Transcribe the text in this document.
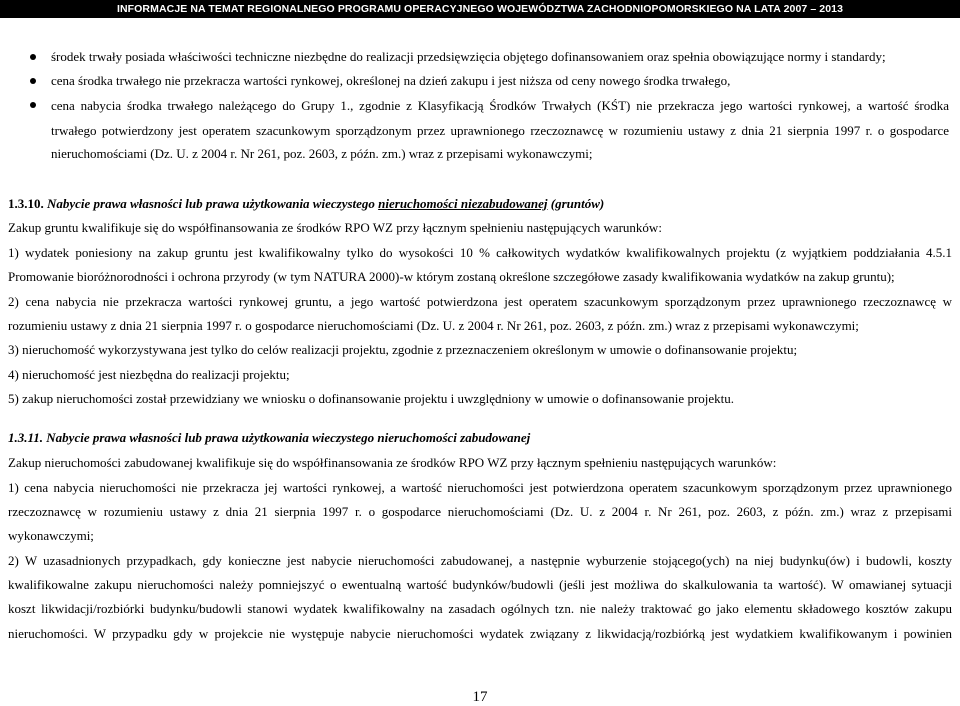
INFORMACJE NA TEMAT REGIONALNEGO PROGRAMU OPERACYJNEGO WOJEWÓDZTWA ZACHODNIOPOMORSKIEGO NA LATA 2007 – 2013
środek trwały posiada właściwości techniczne niezbędne do realizacji przedsięwzięcia objętego dofinansowaniem oraz spełnia obowiązujące normy i standardy;
cena środka trwałego nie przekracza wartości rynkowej, określonej na dzień zakupu i jest niższa od ceny nowego środka trwałego,
cena nabycia środka trwałego należącego do Grupy 1., zgodnie z Klasyfikacją Środków Trwałych (KŚT) nie przekracza jego wartości rynkowej, a wartość środka
trwałego potwierdzony jest operatem szacunkowym sporządzonym przez uprawnionego rzeczoznawcę w rozumieniu ustawy z dnia 21 sierpnia 1997 r. o gospodarce
nieruchomościami (Dz. U. z 2004 r. Nr 261, poz. 2603, z późn. zm.) wraz z przepisami wykonawczymi;
1.3.10. Nabycie prawa własności lub prawa użytkowania wieczystego nieruchomości niezabudowanej (gruntów)
Zakup gruntu kwalifikuje się do współfinansowania ze środków RPO WZ przy łącznym spełnieniu następujących warunków:
1) wydatek poniesiony na zakup gruntu jest kwalifikowalny tylko do wysokości 10 % całkowitych wydatków kwalifikowalnych projektu (z wyjątkiem poddziałania 4.5.1
Promowanie bioróżnorodności i ochrona przyrody (w tym NATURA 2000)-w którym zostaną określone szczegółowe zasady kwalifikowania wydatków na zakup gruntu);
2) cena nabycia nie przekracza wartości rynkowej gruntu, a jego wartość potwierdzona jest operatem szacunkowym sporządzonym przez uprawnionego rzeczoznawcę w
rozumieniu ustawy z dnia 21 sierpnia 1997 r. o gospodarce nieruchomościami (Dz. U. z 2004 r. Nr 261, poz. 2603, z późn. zm.) wraz z przepisami wykonawczymi;
3) nieruchomość wykorzystywana jest tylko do celów realizacji projektu, zgodnie z przeznaczeniem określonym w umowie o dofinansowanie projektu;
4) nieruchomość jest niezbędna do realizacji projektu;
5) zakup nieruchomości został przewidziany we wniosku o dofinansowanie projektu i uwzględniony w umowie o dofinansowanie projektu.
1.3.11. Nabycie prawa własności lub prawa użytkowania wieczystego nieruchomości zabudowanej
Zakup nieruchomości zabudowanej kwalifikuje się do współfinansowania ze środków RPO WZ przy łącznym spełnieniu następujących warunków:
1) cena nabycia nieruchomości nie przekracza jej wartości rynkowej, a wartość nieruchomości jest potwierdzona operatem szacunkowym sporządzonym przez uprawnionego
rzeczoznawcę w rozumieniu ustawy z dnia 21 sierpnia 1997 r. o gospodarce nieruchomościami (Dz. U. z 2004 r. Nr 261, poz. 2603, z późn. zm.) wraz z przepisami
wykonawczymi;
2) W uzasadnionych przypadkach, gdy konieczne jest nabycie nieruchomości zabudowanej, a następnie wyburzenie stojącego(ych) na niej budynku(ów) i budowli, koszty
kwalifikowalne zakupu nieruchomości należy pomniejszyć o ewentualną wartość budynków/budowli (jeśli jest możliwa do skalkulowania ta wartość). W omawianej sytuacji
koszt likwidacji/rozbiórki budynku/budowli stanowi wydatek kwalifikowalny na zasadach ogólnych tzn. nie należy traktować go jako elementu składowego kosztów zakupu
nieruchomości. W przypadku gdy w projekcie nie występuje nabycie nieruchomości wydatek związany z likwidacją/rozbiórką jest wydatkiem kwalifikowanym i powinien
17
